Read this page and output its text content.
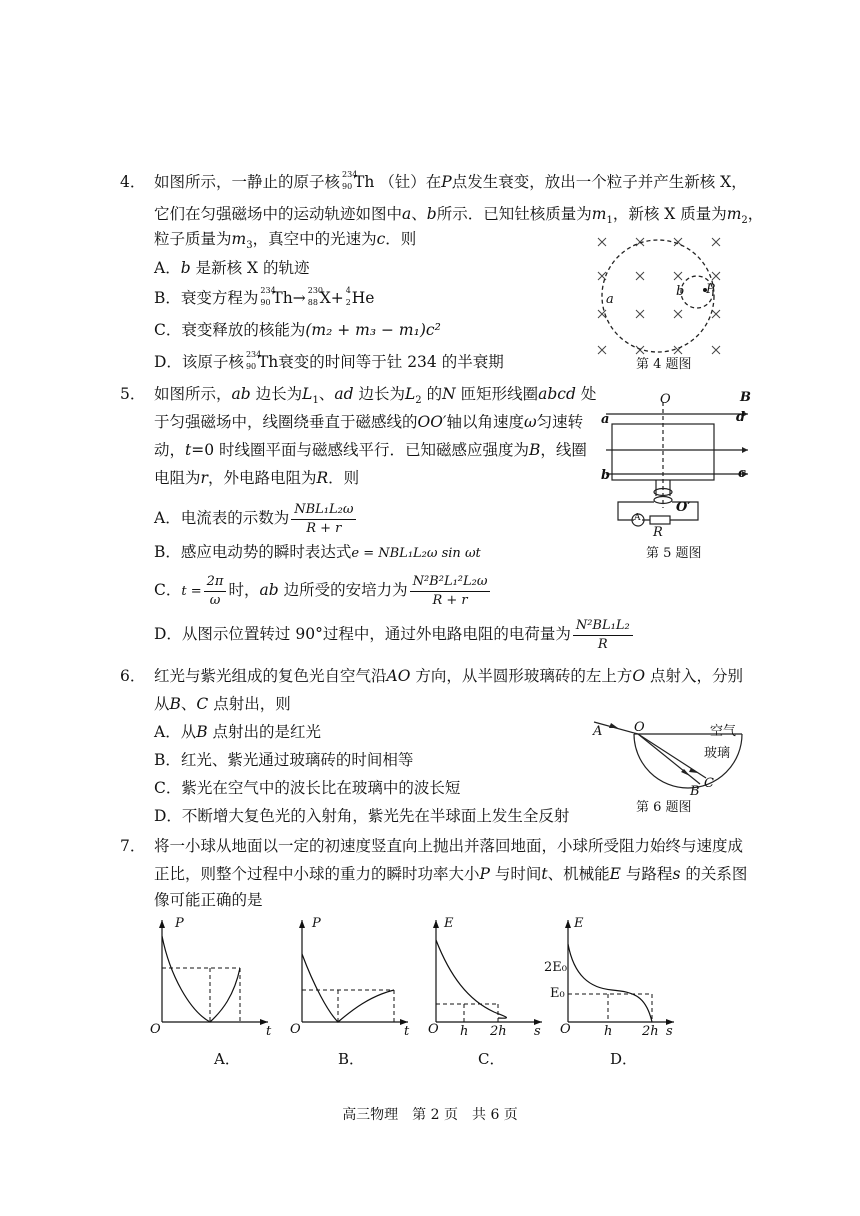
4． 如图所示，一静止的原子核 234
90 Th （钍）在P点发生衰变，放出一个粒子并产生新核 X，
它们在匀强磁场中的运动轨迹如图中a、b所示．已知钍核质量为$m_1$，新核 X 质量为$m_2$，
粒子质量为$m_3$，真空中的光速为c．则
A．b 是新核 X 的轨迹
B．衰变方程为 234
90 Th→ 230
88 X+ 4
2 He
C．衰变释放的核能为(m₂ + m₃ − m₁)c²
D．该原子核 234
90 Th衰变的时间等于钍 234 的半衰期
a
b P
第 4 题图
5． 如图所示，ab 边长为$L_1$、ad 边长为$L_2$ 的N 匝矩形线圈abcd 处
于匀强磁场中，线圈绕垂直于磁感线的OO′轴以角速度ω匀速转
动，t=0 时线圈平面与磁感线平行．已知磁感应强度为B，线圈
电阻为r，外电路电阻为R．则
A．电流表的示数为 $\frac{\text{NBL₁L₂ω}}{R + r}$
B．感应电动势的瞬时表达式e = NBL₁L₂ω sin ωt
C．$t = \frac{2\pi}{\omega}$ 时，ab 边所受的安培力为 $\frac{\text{N²B²L₁²L₂ω}}{R + r}$
D．从图示位置转过 90°过程中，通过外电路电阻的电荷量为 $\frac{\text{N²BL₁L₂}}{R}$
O	B
a	d
b	c
O′
A
R
第 5 题图
6． 红光与紫光组成的复色光自空气沿AO 方向，从半圆形玻璃砖的左上方O 点射入，分别
从B、C 点射出，则
A．从B 点射出的是红光
B．红光、紫光通过玻璃砖的时间相等
C．紫光在空气中的波长比在玻璃中的波长短
D．不断增大复色光的入射角，紫光先在半球面上发生全反射
A O	空气
玻璃
B
C
第 6 题图
7． 将一小球从地面以一定的初速度竖直向上抛出并落回地面，小球所受阻力始终与速度成
正比，则整个过程中小球的重力的瞬时功率大小P 与时间t、机械能E 与路程s 的关系图
像可能正确的是
P
t
O
A．
P
t
O
B．
E
s
O h 2h
C．
E
s
O
2E₀
E₀
h 2h
D．
高三物理　第 2 页　共 6 页
